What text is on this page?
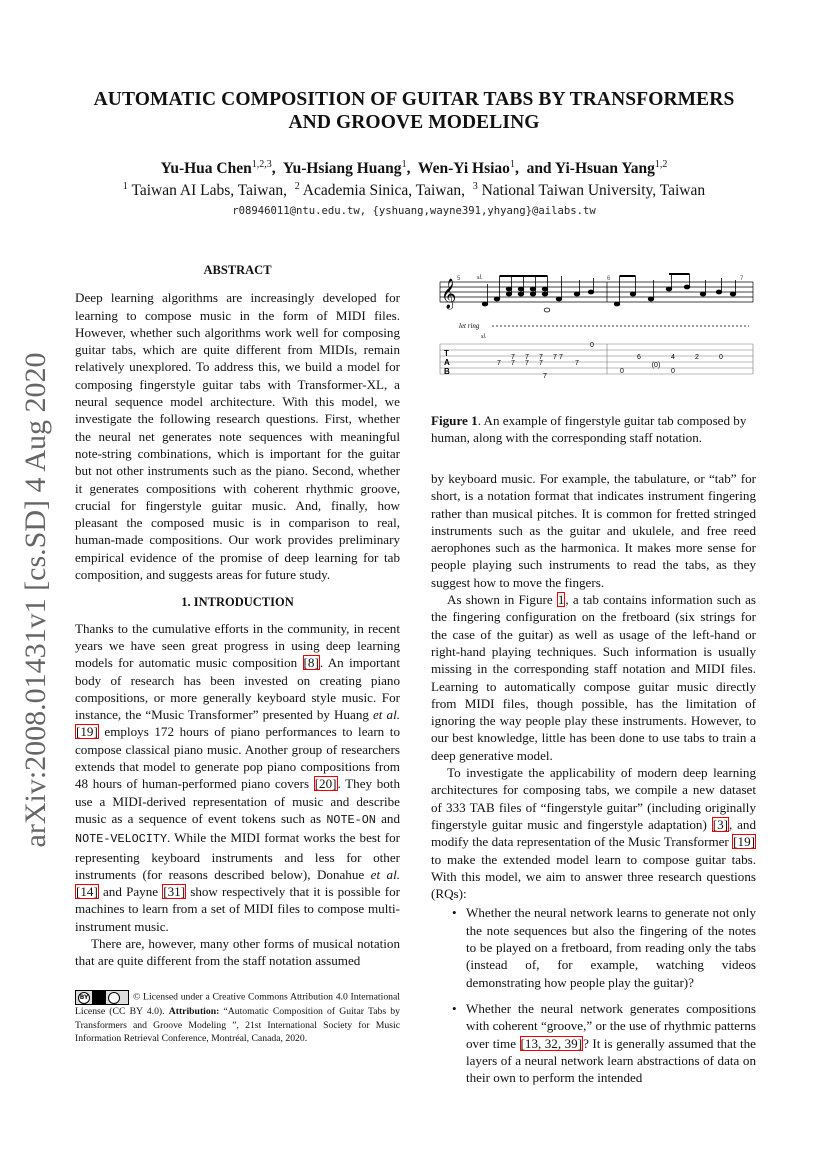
AUTOMATIC COMPOSITION OF GUITAR TABS BY TRANSFORMERS
AND GROOVE MODELING
Yu-Hua Chen$^{1,2,3}$,  Yu-Hsiang Huang$^1$,  Wen-Yi Hsiao$^1$,  and Yi-Hsuan Yang$^{1,2}$
$^1$ Taiwan AI Labs, Taiwan, $^2$ Academia Sinica, Taiwan, $^3$ National Taiwan University, Taiwan
r08946011@ntu.edu.tw, {yshuang,wayne391,yhyang}@ailabs.tw
arXiv:2008.01431v1 [cs.SD] 4 Aug 2020

ABSTRACT

Deep learning algorithms are increasingly developed for learning to compose music in the form of MIDI files. However, whether such algorithms work well for composing guitar tabs, which are quite different from MIDIs, remain relatively unexplored. To address this, we build a model for composing fingerstyle guitar tabs with Transformer-XL, a neural sequence model architecture. With this model, we investigate the following research questions. First, whether the neural net generates note sequences with meaningful note-string combinations, which is important for the guitar but not other instruments such as the piano. Second, whether it generates compositions with coherent rhythmic groove, crucial for fingerstyle guitar music. And, finally, how pleasant the composed music is in comparison to real, human-made compositions. Our work provides preliminary empirical evidence of the promise of deep learning for tab composition, and suggests areas for future study.

1. INTRODUCTION

Thanks to the cumulative efforts in the community, in recent years we have seen great progress in using deep learning models for automatic music composition [8]. An important body of research has been invested on creating piano compositions, or more generally keyboard style music. For instance, the “Music Transformer” presented by Huang et al. [19] employs 172 hours of piano performances to learn to compose classical piano music. Another group of researchers extends that model to generate pop piano compositions from 48 hours of human-performed piano covers [20]. They both use a MIDI-derived representation of music and describe music as a sequence of event tokens such as NOTE-ON and NOTE-VELOCITY. While the MIDI format works the best for representing keyboard instruments and less for other instruments (for reasons described below), Donahue et al. [14] and Payne [31] show respectively that it is possible for machines to learn from a set of MIDI files to compose multi-instrument music.

There are, however, many other forms of musical notation that are quite different from the staff notation assumed

BY	© Licensed under a Creative Commons Attribution 4.0 International License (CC BY 4.0). Attribution: “Automatic Composition of Guitar Tabs by Transformers and Groove Modeling ”, 21st International Society for Music Information Retrieval Conference, Montréal, Canada, 2020.
𝄞 5	6	7
sl.
let ring
sl.
T
A
B
0
7 7 7 7
7 7
7
7	7
7
7
6	4	2	0
(0)
0	0
Figure 1. An example of fingerstyle guitar tab composed by human, along with the corresponding staff notation.

by keyboard music. For example, the tabulature, or “tab” for short, is a notation format that indicates instrument fingering rather than musical pitches. It is common for fretted stringed instruments such as the guitar and ukulele, and free reed aerophones such as the harmonica. It makes more sense for people playing such instruments to read the tabs, as they suggest how to move the fingers.

As shown in Figure 1, a tab contains information such as the fingering configuration on the fretboard (six strings for the case of the guitar) as well as usage of the left-hand or right-hand playing techniques. Such information is usually missing in the corresponding staff notation and MIDI files. Learning to automatically compose guitar music directly from MIDI files, though possible, has the limitation of ignoring the way people play these instruments. However, to our best knowledge, little has been done to use tabs to train a deep generative model.

To investigate the applicability of modern deep learning architectures for composing tabs, we compile a new dataset of 333 TAB files of “fingerstyle guitar” (including originally fingerstyle guitar music and fingerstyle adaptation) [3], and modify the data representation of the Music Transformer [19] to make the extended model learn to compose guitar tabs. With this model, we aim to answer three research questions (RQs):

• Whether the neural network learns to generate not only the note sequences but also the fingering of the notes to be played on a fretboard, from reading only the tabs (instead of, for example, watching videos demonstrating how people play the guitar)?
• Whether the neural network generates compositions with coherent “groove,” or the use of rhythmic patterns over time [13, 32, 39]? It is generally assumed that the layers of a neural network learn abstractions of data on their own to perform the intended
